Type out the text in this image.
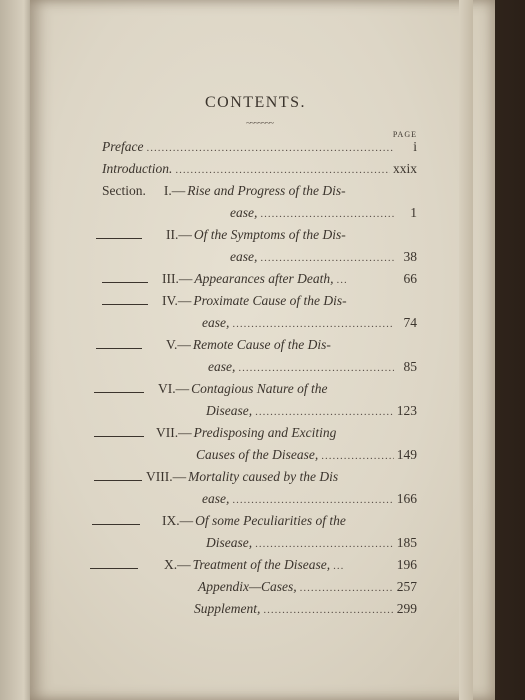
CONTENTS.
~~~~~~~
PAGE
Preface .....	i
Introduction. .....	xxix
Section. I.— Rise and Progress of the Dis-
ease, .....	1
II.— Of the Symptoms of the Dis-
ease, .....	38
III.— Appearances after Death, .....	66
IV.— Proximate Cause of the Dis-
ease, .....	74
V.— Remote Cause of the Dis-
ease, .....	85
VI.— Contagious Nature of the
Disease, .....	123
VII.— Predisposing and Exciting
Causes of the Disease, .....	149
VIII.— Mortality caused by the Dis
ease, .....	166
IX.— Of some Peculiarities of the
Disease, .....	185
X.— Treatment of the Disease, .....	196
Appendix—Cases, .....	257
Supplement, .....	299
